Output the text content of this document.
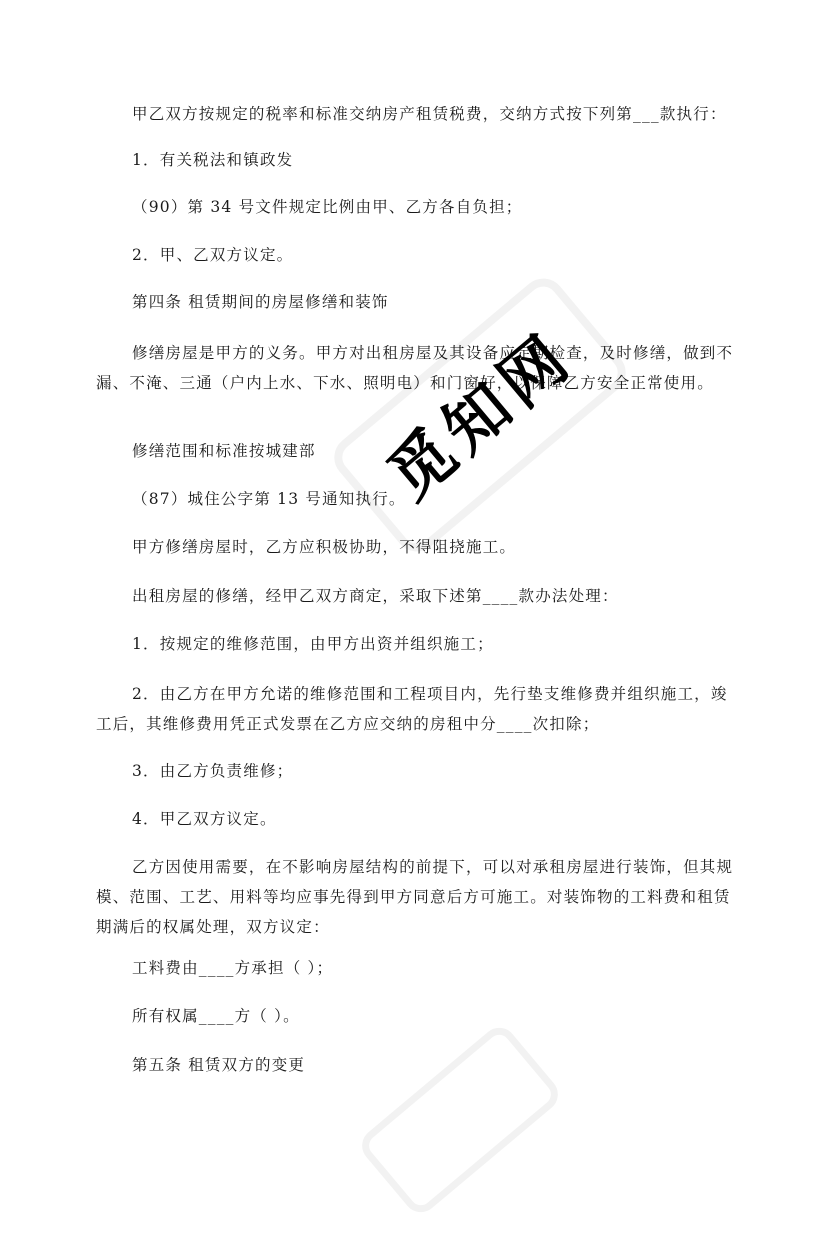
甲乙双方按规定的税率和标准交纳房产租赁税费，交纳方式按下列第___款执行：
1．有关税法和镇政发
（90）第 34 号文件规定比例由甲、乙方各自负担；
2．甲、乙双方议定。
第四条 租赁期间的房屋修缮和装饰
修缮房屋是甲方的义务。甲方对出租房屋及其设备应定期检查，及时修缮，做到不漏、不淹、三通（户内上水、下水、照明电）和门窗好，以保障乙方安全正常使用。
修缮范围和标准按城建部
（87）城住公字第 13 号通知执行。
甲方修缮房屋时，乙方应积极协助，不得阻挠施工。
出租房屋的修缮，经甲乙双方商定，采取下述第____款办法处理：
1．按规定的维修范围，由甲方出资并组织施工；
2．由乙方在甲方允诺的维修范围和工程项目内，先行垫支维修费并组织施工，竣工后，其维修费用凭正式发票在乙方应交纳的房租中分____次扣除；
3．由乙方负责维修；
4．甲乙双方议定。
乙方因使用需要，在不影响房屋结构的前提下，可以对承租房屋进行装饰，但其规模、范围、工艺、用料等均应事先得到甲方同意后方可施工。对装饰物的工料费和租赁期满后的权属处理，双方议定：
工料费由____方承担（ ）；
所有权属____方（ ）。
第五条 租赁双方的变更
